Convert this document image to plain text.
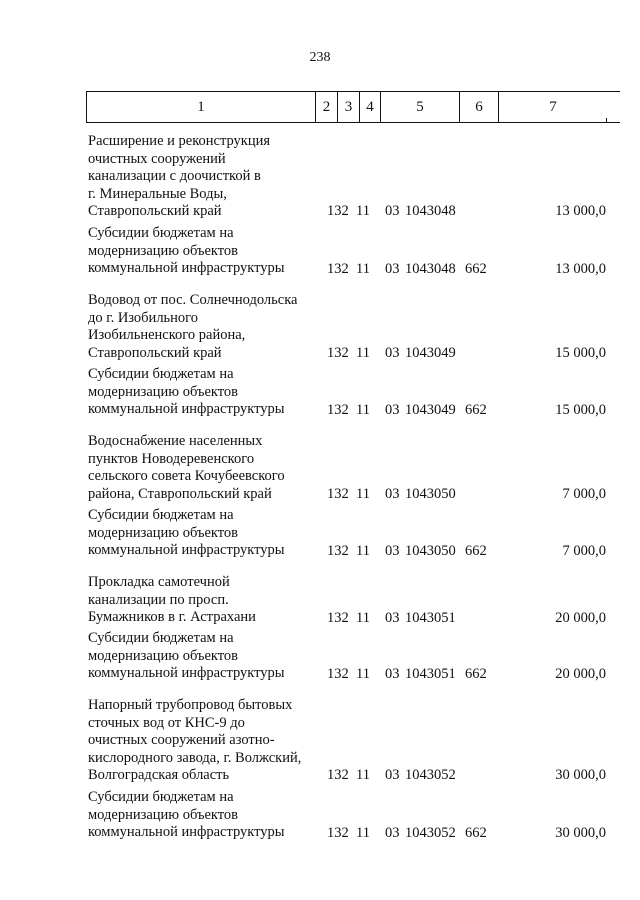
238
1	2 3 4	5	6	7
Расширение и реконструкция
очистных сооружений
канализации с доочисткой в
г. Минеральные Воды,
Ставропольский край	132 11 03 1043048	13 000,0
Субсидии бюджетам на
модернизацию объектов
коммунальной инфраструктуры	132 11 03 1043048 662	13 000,0
Водовод от пос. Солнечнодольска
до г. Изобильного
Изобильненского района,
Ставропольский край	132 11 03 1043049	15 000,0
Субсидии бюджетам на
модернизацию объектов
коммунальной инфраструктуры	132 11 03 1043049 662	15 000,0
Водоснабжение населенных
пунктов Новодеревенского
сельского совета Кочубеевского
района, Ставропольский край	132 11 03 1043050	7 000,0
Субсидии бюджетам на
модернизацию объектов
коммунальной инфраструктуры	132 11 03 1043050 662	7 000,0
Прокладка самотечной
канализации по просп.
Бумажников в г. Астрахани	132 11 03 1043051	20 000,0
Субсидии бюджетам на
модернизацию объектов
коммунальной инфраструктуры	132 11 03 1043051 662	20 000,0
Напорный трубопровод бытовых
сточных вод от КНС-9 до
очистных сооружений азотно-
кислородного завода, г. Волжский,
Волгоградская область	132 11 03 1043052	30 000,0
Субсидии бюджетам на
модернизацию объектов
коммунальной инфраструктуры	132 11 03 1043052 662	30 000,0
